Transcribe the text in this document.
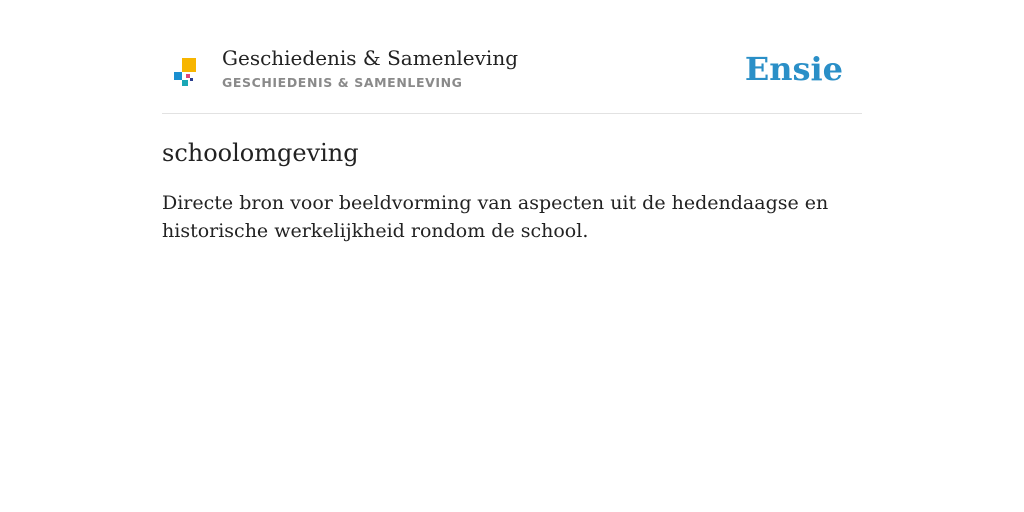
Geschiedenis & Samenleving
GESCHIEDENIS & SAMENLEVING	Ensie
schoolomgeving

Directe bron voor beeldvorming van aspecten uit de hedendaagse en historische werkelijkheid rondom de school.
